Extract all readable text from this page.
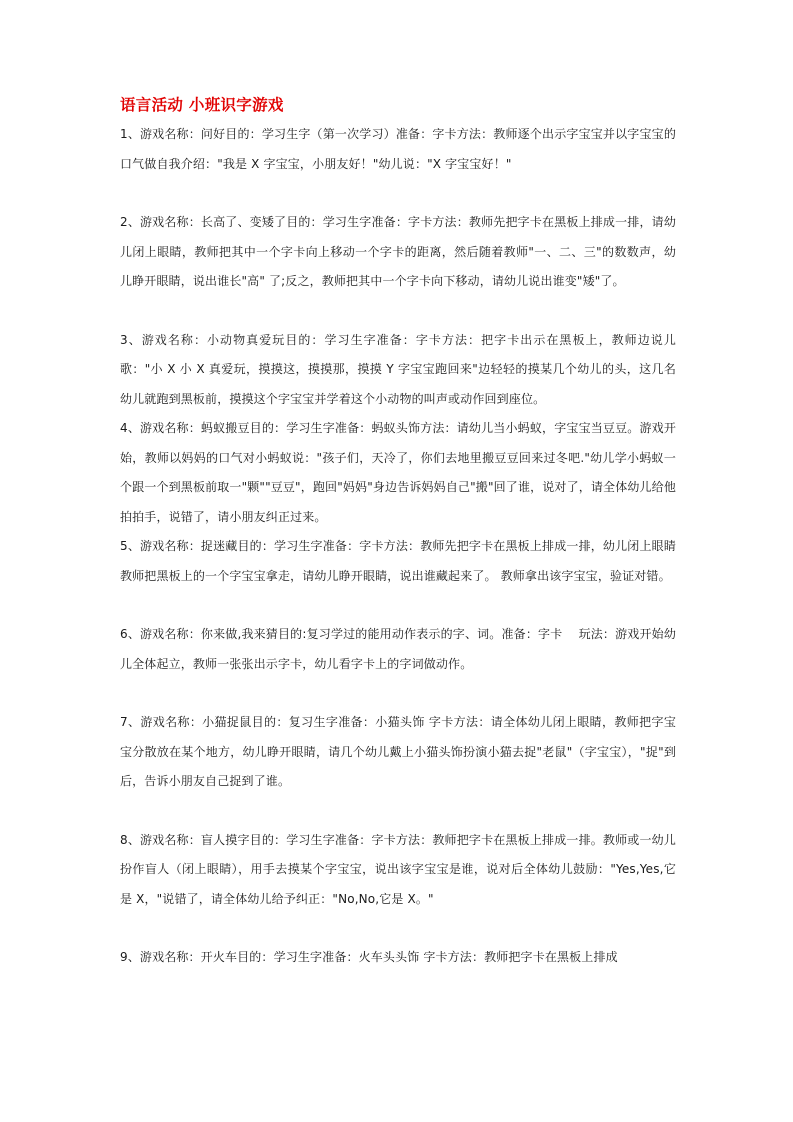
语言活动 小班识字游戏

1、游戏名称：问好目的：学习生字（第一次学习）准备：字卡方法：教师逐个出示字宝宝并以字宝宝的口气做自我介绍："我是 X 字宝宝，小朋友好！"幼儿说："X 字宝宝好！"

2、游戏名称：长高了、变矮了目的：学习生字准备：字卡方法：教师先把字卡在黑板上排成一排，请幼儿闭上眼睛，教师把其中一个字卡向上移动一个字卡的距离，然后随着教师"一、二、三"的数数声，幼儿睁开眼睛，说出谁长"高" 了;反之，教师把其中一个字卡向下移动，请幼儿说出谁变"矮"了。

3、游戏名称：小动物真爱玩目的：学习生字准备：字卡方法：把字卡出示在黑板上，教师边说儿歌："小 X 小 X 真爱玩，摸摸这，摸摸那，摸摸 Y 字宝宝跑回来"边轻轻的摸某几个幼儿的头，这几名幼儿就跑到黑板前，摸摸这个字宝宝并学着这个小动物的叫声或动作回到座位。

4、游戏名称：蚂蚁搬豆目的：学习生字准备：蚂蚁头饰方法：请幼儿当小蚂蚁，字宝宝当豆豆。游戏开始，教师以妈妈的口气对小蚂蚁说："孩子们，天冷了，你们去地里搬豆豆回来过冬吧."幼儿学小蚂蚁一个跟一个到黑板前取一"颗""豆豆"，跑回"妈妈"身边告诉妈妈自己"搬"回了谁，说对了，请全体幼儿给他拍拍手，说错了，请小朋友纠正过来。

5、游戏名称：捉迷藏目的：学习生字准备：字卡方法：教师先把字卡在黑板上排成一排，幼儿闭上眼睛教师把黑板上的一个字宝宝拿走，请幼儿睁开眼睛，说出谁藏起来了。 教师拿出该字宝宝，验证对错。

6、游戏名称：你来做,我来猜目的:复习学过的能用动作表示的字、词。准备：字卡　 玩法：游戏开始幼儿全体起立，教师一张张出示字卡，幼儿看字卡上的字词做动作。

7、游戏名称：小猫捉鼠目的：复习生字准备：小猫头饰 字卡方法：请全体幼儿闭上眼睛，教师把字宝宝分散放在某个地方，幼儿睁开眼睛，请几个幼儿戴上小猫头饰扮演小猫去捉"老鼠"（字宝宝），"捉"到后，告诉小朋友自己捉到了谁。

8、游戏名称：盲人摸字目的：学习生字准备：字卡方法：教师把字卡在黑板上排成一排。教师或一幼儿扮作盲人（闭上眼睛），用手去摸某个字宝宝，说出该字宝宝是谁，说对后全体幼儿鼓励："Yes,Yes,它是 X，"说错了，请全体幼儿给予纠正："No,No,它是 X。"

9、游戏名称：开火车目的：学习生字准备：火车头头饰 字卡方法：教师把字卡在黑板上排成
